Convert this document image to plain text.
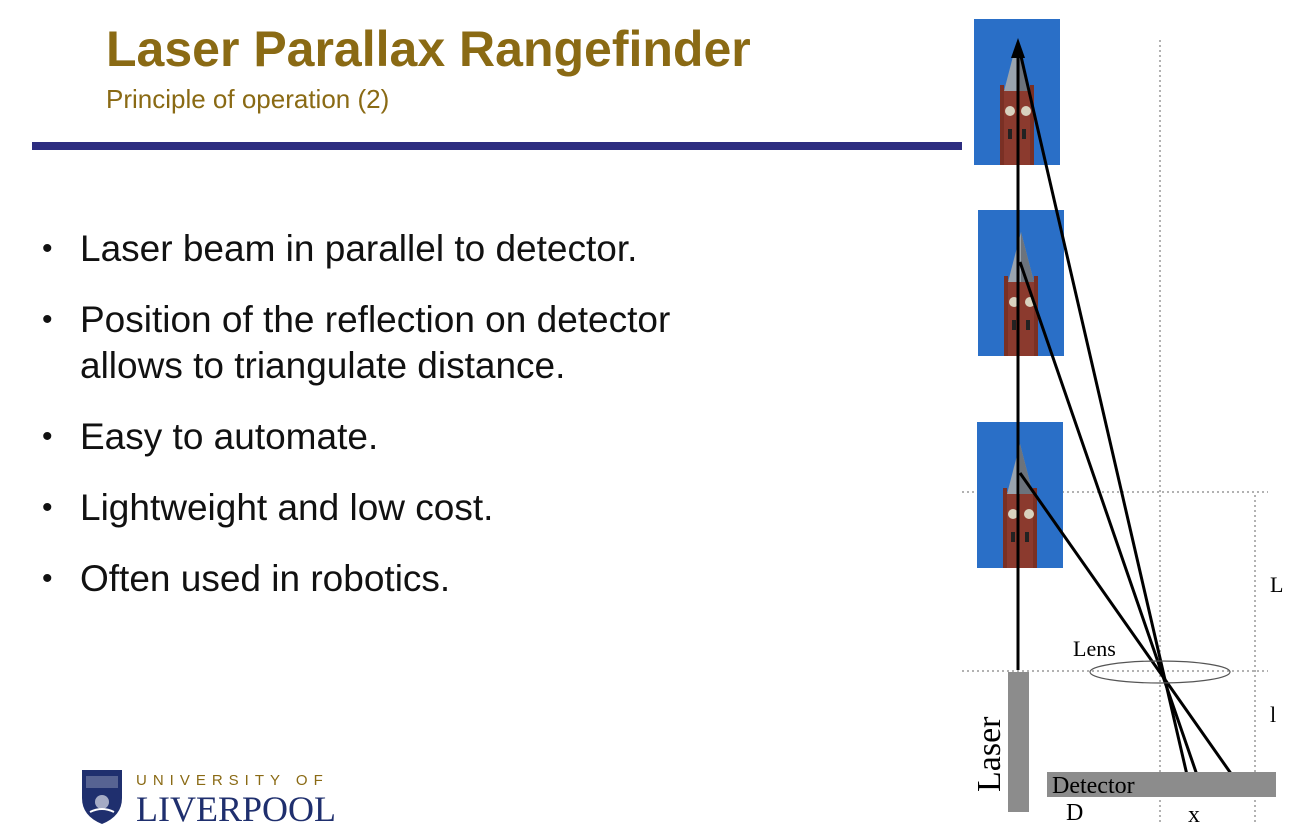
Laser Parallax Rangefinder
Principle of operation (2)
• Laser beam in parallel to detector.
• Position of the reflection on detector allows to triangulate distance.
• Easy to automate.
• Lightweight and low cost.
• Often used in robotics.
UNIVERSITY OF
LIVERPOOL
Laser
Lens
Detector
L
l
D	x
